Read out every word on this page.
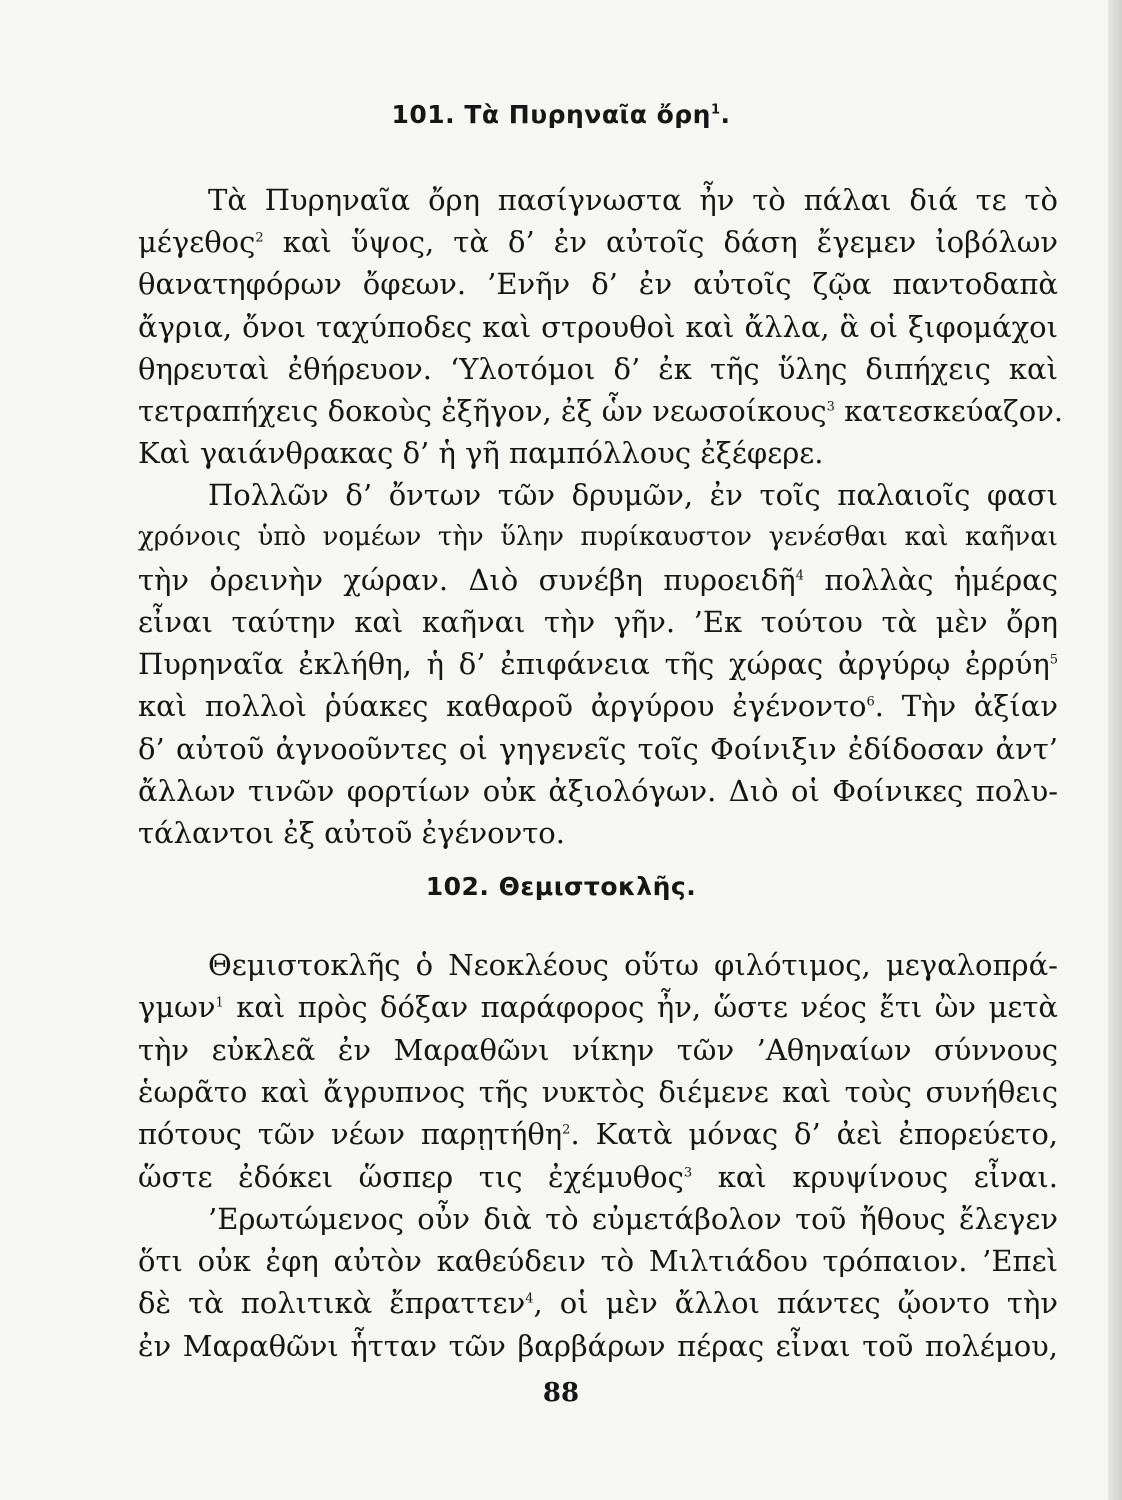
101. Τὰ Πυρηναῖα ὄρη$^1$.
Τὰ Πυρηναῖα ὄρη πασίγνωστα ἦν τὸ πάλαι διά τε τὸ
μέγεθος$^2$ καὶ ὕψος, τὰ δ’ ἐν αὐτοῖς δάση ἔγεμεν ἰοβόλων
θανατηφόρων ὄφεων. ’Ενῆν δ’ ἐν αὐτοῖς ζῷα παντοδαπὰ
ἄγρια, ὄνοι ταχύποδες καὶ στρουθοὶ καὶ ἄλλα, ἃ οἱ ξιφομάχοι
θηρευταὶ ἐθήρευον. ‘Υλοτόμοι δ’ ἐκ τῆς ὕλης διπήχεις καὶ
τετραπήχεις δοκοὺς ἐξῆγον, ἐξ ὧν νεωσοίκους$^3$ κατεσκεύαζον.
Καὶ γαιάνθρακας δ’ ἡ γῆ παμπόλλους ἐξέφερε.
Πολλῶν δ’ ὄντων τῶν δρυμῶν, ἐν τοῖς παλαιοῖς φασι
χρόνοις ὑπὸ νομέων τὴν ὕλην πυρίκαυστον γενέσθαι καὶ καῆναι
τὴν ὀρεινὴν χώραν. Διὸ συνέβη πυροειδῆ$^4$ πολλὰς ἡμέρας
εἶναι ταύτην καὶ καῆναι τὴν γῆν. ’Εκ τούτου τὰ μὲν ὄρη
Πυρηναῖα ἐκλήθη, ἡ δ’ ἐπιφάνεια τῆς χώρας ἀργύρῳ ἐρρύη$^5$
καὶ πολλοὶ ῥύακες καθαροῦ ἀργύρου ἐγένοντο$^6$. Τὴν ἀξίαν
δ’ αὐτοῦ ἀγνοοῦντες οἱ γηγενεῖς τοῖς Φοίνιξιν ἐδίδοσαν ἀντ’
ἄλλων τινῶν φορτίων οὐκ ἀξιολόγων. Διὸ οἱ Φοίνικες πολυ-
τάλαντοι ἐξ αὐτοῦ ἐγένοντο.
102. Θεμιστοκλῆς.
Θεμιστοκλῆς ὁ Νεοκλέους οὕτω φιλότιμος, μεγαλοπρά-
γμων$^1$ καὶ πρὸς δόξαν παράφορος ἦν, ὥστε νέος ἔτι ὢν μετὰ
τὴν εὐκλεᾶ ἐν Μαραθῶνι νίκην τῶν ’Αθηναίων σύννους
ἑωρᾶτο καὶ ἄγρυπνος τῆς νυκτὸς διέμενε καὶ τοὺς συνήθεις
πότους τῶν νέων παρῃτήθη$^2$. Κατὰ μόνας δ’ ἀεὶ ἐπορεύετο,
ὥστε ἐδόκει ὥσπερ τις ἐχέμυθος$^3$ καὶ κρυψίνους εἶναι.
’Ερωτώμενος οὖν διὰ τὸ εὐμετάβολον τοῦ ἤθους ἔλεγεν
ὅτι οὐκ ἐφη αὐτὸν καθεύδειν τὸ Μιλτιάδου τρόπαιον. ’Επεὶ
δὲ τὰ πολιτικὰ ἔπραττεν$^4$, οἱ μὲν ἄλλοι πάντες ᾤοντο τὴν
ἐν Μαραθῶνι ἧτταν τῶν βαρβάρων πέρας εἶναι τοῦ πολέμου,
88
